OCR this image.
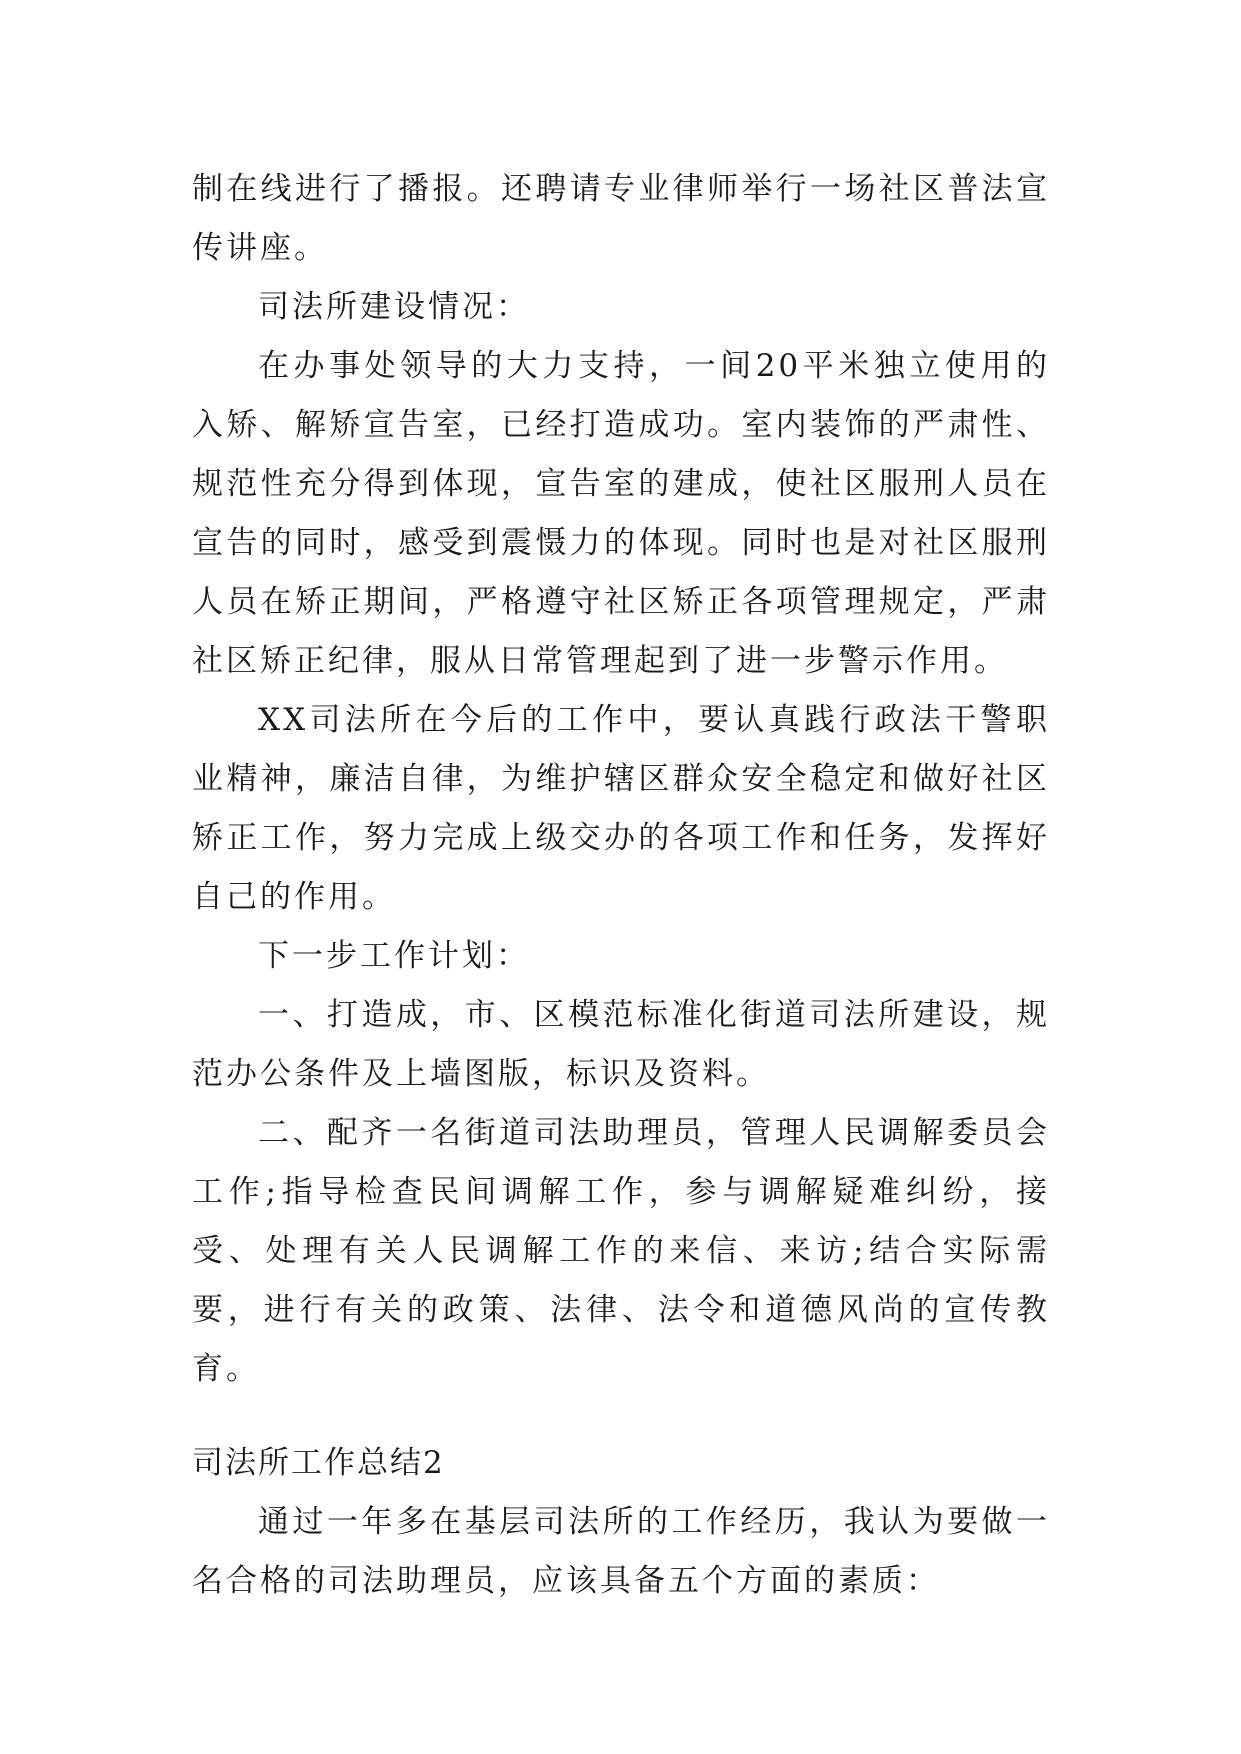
制在线进行了播报。还聘请专业律师举行一场社区普法宣传讲座。

司法所建设情况：

在办事处领导的大力支持，一间20平米独立使用的入矫、解矫宣告室，已经打造成功。室内装饰的严肃性、规范性充分得到体现，宣告室的建成，使社区服刑人员在宣告的同时，感受到震慑力的体现。同时也是对社区服刑人员在矫正期间，严格遵守社区矫正各项管理规定，严肃社区矫正纪律，服从日常管理起到了进一步警示作用。

XX司法所在今后的工作中，要认真践行政法干警职业精神，廉洁自律，为维护辖区群众安全稳定和做好社区矫正工作，努力完成上级交办的各项工作和任务，发挥好自己的作用。

下一步工作计划：

一、打造成，市、区模范标准化街道司法所建设，规范办公条件及上墙图版，标识及资料。

二、配齐一名街道司法助理员，管理人民调解委员会工作;指导检查民间调解工作，参与调解疑难纠纷，接受、处理有关人民调解工作的来信、来访;结合实际需要，进行有关的政策、法律、法令和道德风尚的宣传教育。

司法所工作总结2

通过一年多在基层司法所的工作经历，我认为要做一名合格的司法助理员，应该具备五个方面的素质：
